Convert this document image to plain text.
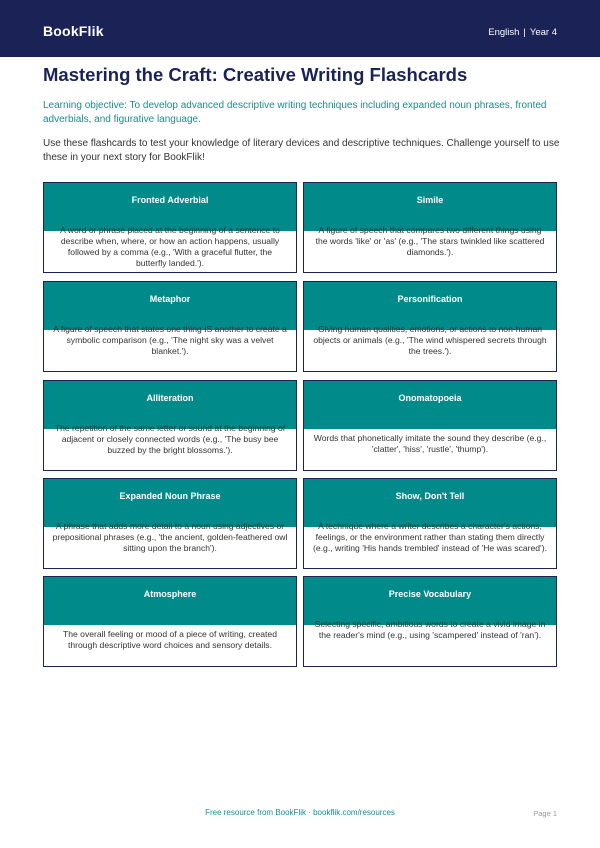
BookFlik	English | Year 4
Mastering the Craft: Creative Writing Flashcards
Learning objective: To develop advanced descriptive writing techniques including expanded noun phrases, fronted adverbials, and figurative language.
Use these flashcards to test your knowledge of literary devices and descriptive techniques. Challenge yourself to use these in your next story for BookFlik!
Fronted Adverbial
A word or phrase placed at the beginning of a sentence to describe when, where, or how an action happens, usually followed by a comma (e.g., 'With a graceful flutter, the butterfly landed.').
Simile
A figure of speech that compares two different things using the words 'like' or 'as' (e.g., 'The stars twinkled like scattered diamonds.').
Metaphor
A figure of speech that states one thing IS another to create a symbolic comparison (e.g., 'The night sky was a velvet blanket.').
Personification
Giving human qualities, emotions, or actions to non-human objects or animals (e.g., 'The wind whispered secrets through the trees.').
Alliteration
The repetition of the same letter or sound at the beginning of adjacent or closely connected words (e.g., 'The busy bee buzzed by the bright blossoms.').
Onomatopoeia
Words that phonetically imitate the sound they describe (e.g., 'clatter', 'hiss', 'rustle', 'thump').
Expanded Noun Phrase
A phrase that adds more detail to a noun using adjectives or prepositional phrases (e.g., 'the ancient, golden-feathered owl sitting upon the branch').
Show, Don't Tell
A technique where a writer describes a character's actions, feelings, or the environment rather than stating them directly (e.g., writing 'His hands trembled' instead of 'He was scared').
Atmosphere
The overall feeling or mood of a piece of writing, created through descriptive word choices and sensory details.
Precise Vocabulary
Selecting specific, ambitious words to create a vivid image in the reader's mind (e.g., using 'scampered' instead of 'ran').
Free resource from BookFlik · bookflik.com/resources	Page 1
